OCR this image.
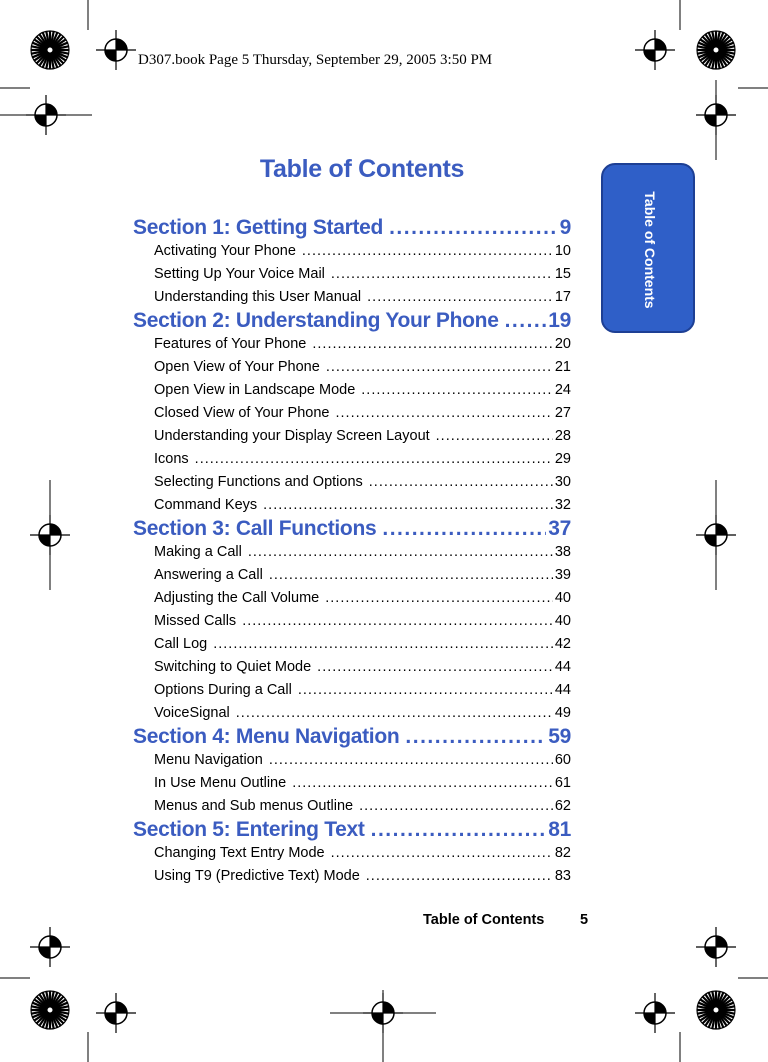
D307.book Page 5 Thursday, September 29, 2005 3:50 PM
Table of Contents
Table of Contents
Section 1: Getting Started .....	9
Activating Your Phone .....	10
Setting Up Your Voice Mail .....	15
Understanding this User Manual .....	17
Section 2: Understanding Your Phone ..... 19
Features of Your Phone .....	20
Open View of Your Phone .....	21
Open View in Landscape Mode .....	24
Closed View of Your Phone .....	27
Understanding your Display Screen Layout .....	28
Icons .....	29
Selecting Functions and Options .....	30
Command Keys .....	32
Section 3: Call Functions .....	37
Making a Call .....	38
Answering a Call .....	39
Adjusting the Call Volume .....	40
Missed Calls .....	40
Call Log .....	42
Switching to Quiet Mode .....	44
Options During a Call .....	44
VoiceSignal .....	49
Section 4: Menu Navigation .....	59
Menu Navigation .....	60
In Use Menu Outline .....	61
Menus and Sub menus Outline .....	62
Section 5: Entering Text .....	81
Changing Text Entry Mode .....	82
Using T9 (Predictive Text) Mode .....	83
Table of Contents 5
